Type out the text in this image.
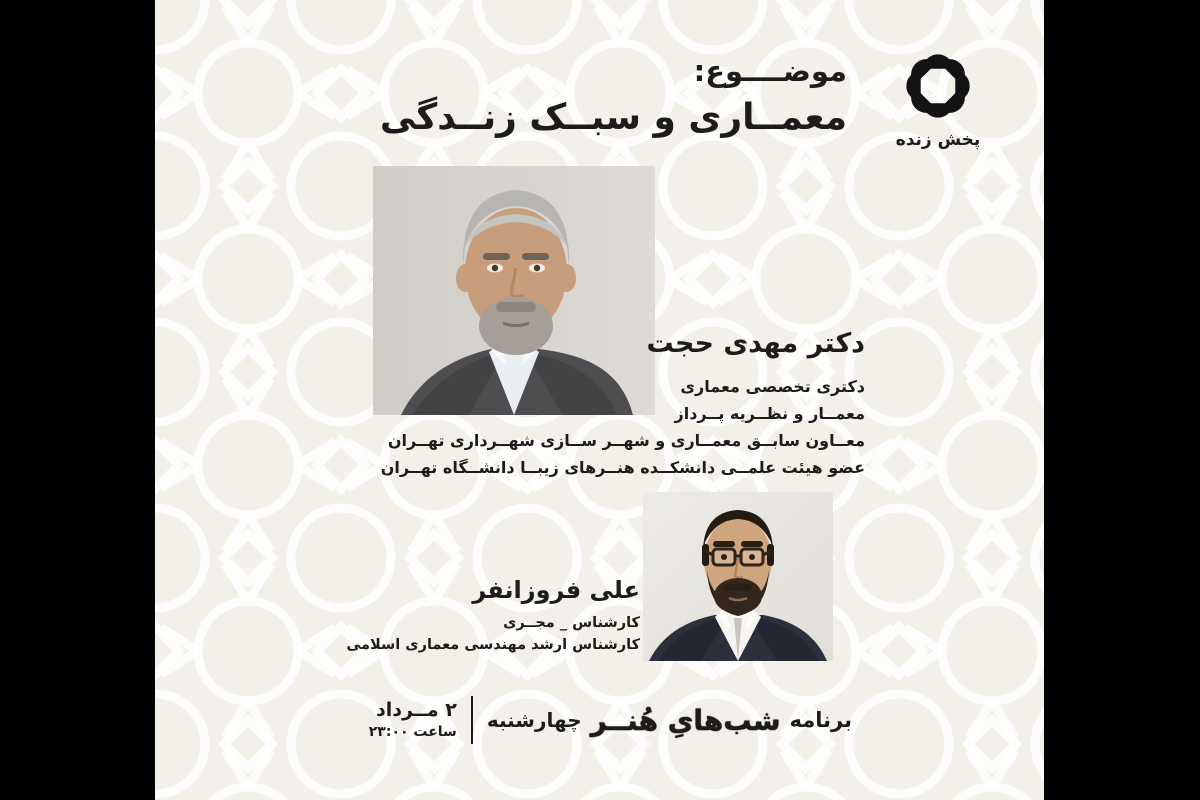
پخش زنده
موضــــوع:
معمــاری و سبــک زنــدگی
دکتر مهدی حجت
دکتری تخصصی معماری
معمــار و نظــریه پــرداز
معــاون سابــق معمــاری و شهــر ســازی شهــرداری تهــران
عضو هیئت علمــی دانشکــده هنــرهای زیبــا دانشــگاه تهــران
علی فروزانفر
کارشناس _ مجــری
کارشناس ارشد مهندسی معماری اسلامی
برنامه
شب‌هایِ هُنــر
چهارشنبه
۲ مــرداد
ساعت ۲۳:۰۰
